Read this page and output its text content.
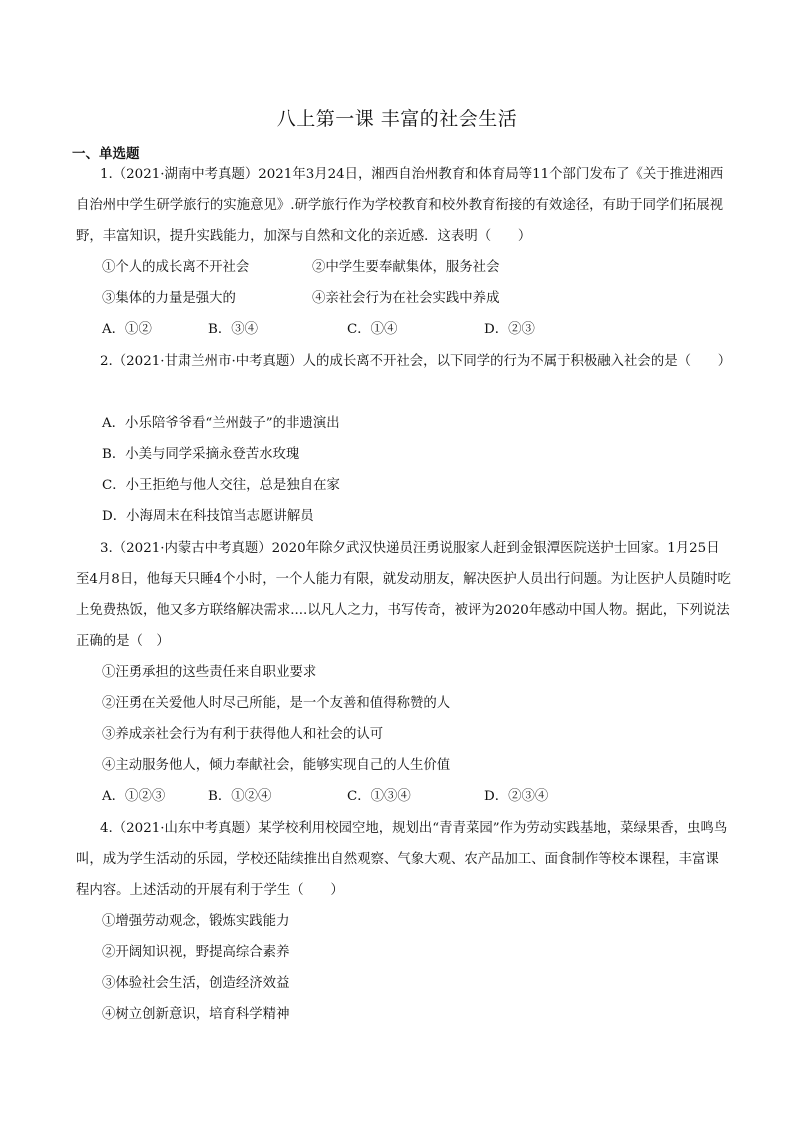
八上第一课 丰富的社会生活
一、单选题
1.（2021·湖南中考真题）2021年3月24日，湘西自治州教育和体育局等11个部门发布了《关于推进湘西自治州中学生研学旅行的实施意见》.研学旅行作为学校教育和校外教育衔接的有效途径，有助于同学们拓展视野，丰富知识，提升实践能力，加深与自然和文化的亲近感．这表明（　　）
①个人的成长离不开社会	②中学生要奉献集体，服务社会
③集体的力量是强大的	④亲社会行为在社会实践中养成
A．①②	B．③④	C．①④	D．②③
2.（2021·甘肃兰州市·中考真题）人的成长离不开社会，以下同学的行为不属于积极融入社会的是（　　）
A．小乐陪爷爷看“兰州鼓子”的非遗演出
B．小美与同学采摘永登苦水玫瑰
C．小王拒绝与他人交往，总是独自在家
D．小海周末在科技馆当志愿讲解员
3.（2021·内蒙古中考真题）2020年除夕武汉快递员汪勇说服家人赶到金银潭医院送护士回家。1月25日至4月8日，他每天只睡4个小时，一个人能力有限，就发动朋友，解决医护人员出行问题。为让医护人员随时吃上免费热饭，他又多方联络解决需求....以凡人之力，书写传奇，被评为2020年感动中国人物。据此，下列说法正确的是（　）
①汪勇承担的这些责任来自职业要求
②汪勇在关爱他人时尽己所能，是一个友善和值得称赞的人
③养成亲社会行为有利于获得他人和社会的认可
④主动服务他人，倾力奉献社会，能够实现自己的人生价值
A．①②③	B．①②④	C．①③④	D．②③④
4.（2021·山东中考真题）某学校利用校园空地，规划出“青青菜园”作为劳动实践基地，菜绿果香，虫鸣鸟叫，成为学生活动的乐园，学校还陆续推出自然观察、气象大观、农产品加工、面食制作等校本课程，丰富课程内容。上述活动的开展有利于学生（　　）
①增强劳动观念，锻炼实践能力
②开阔知识视，野提高综合素养
③体验社会生活，创造经济效益
④树立创新意识，培育科学精神
